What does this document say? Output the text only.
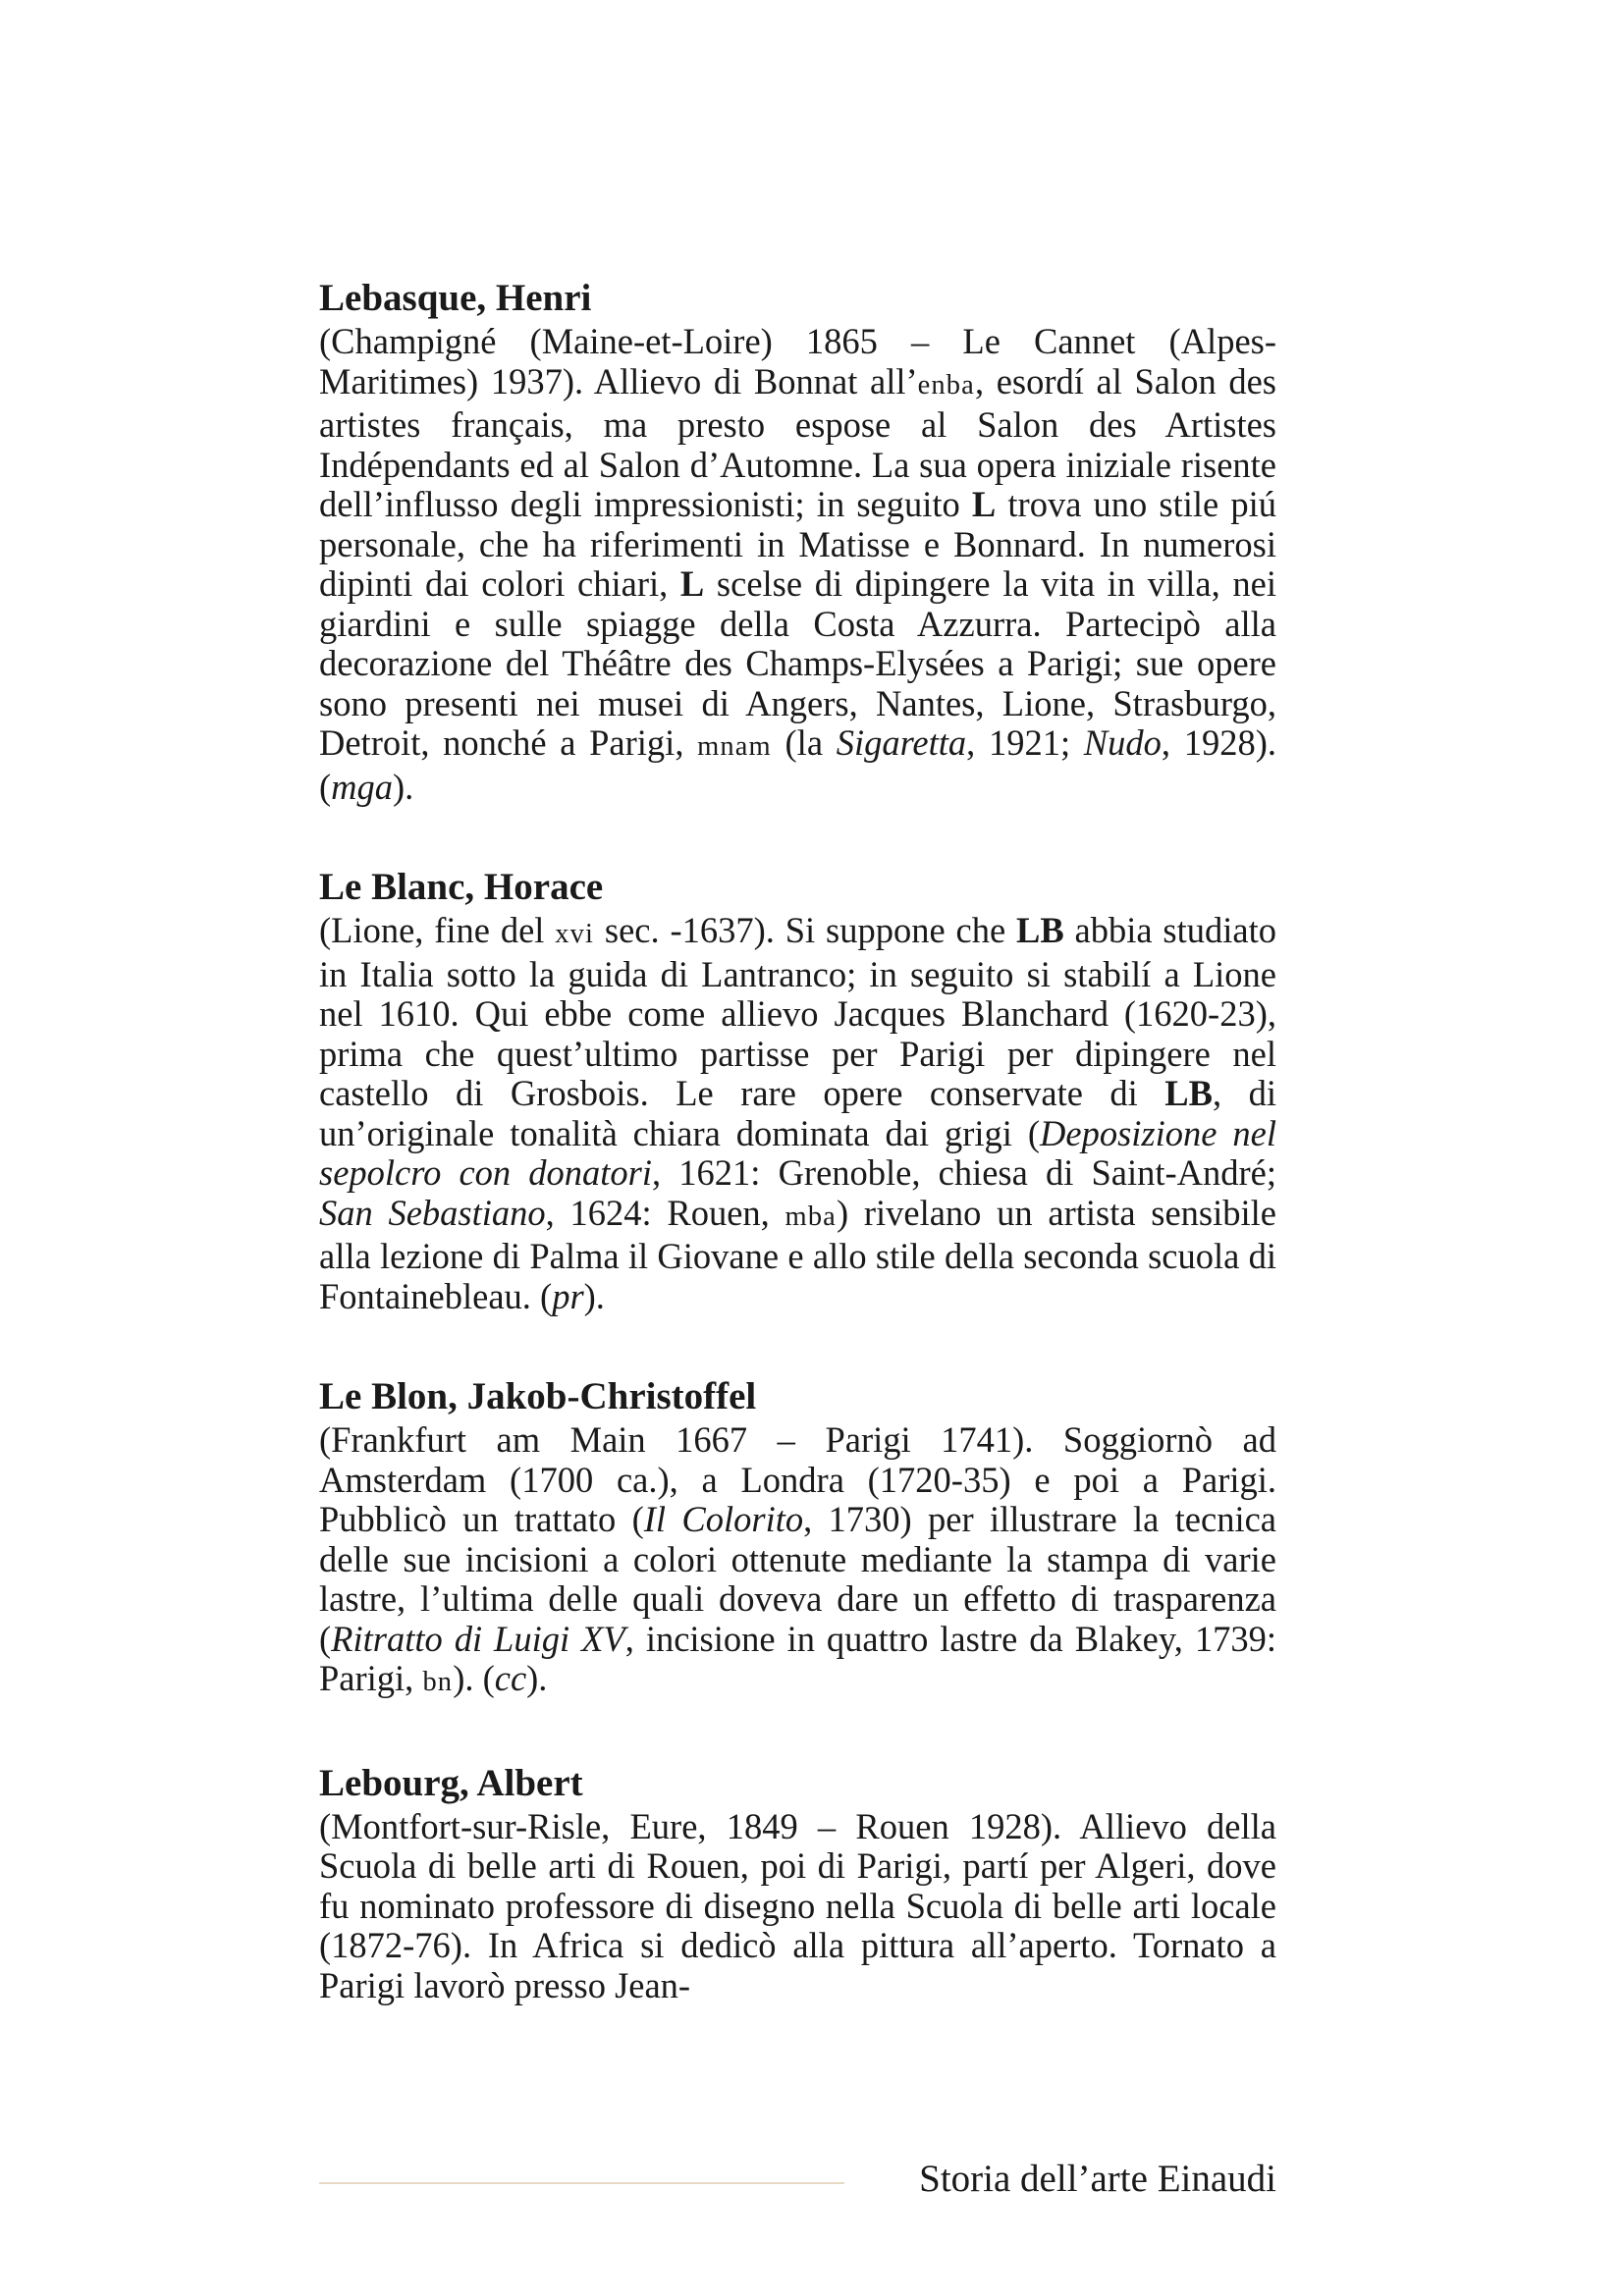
Lebasque, Henri

(Champigné (Maine-et-Loire) 1865 – Le Cannet (Alpes-Maritimes) 1937). Allievo di Bonnat all’enba, esordí al Salon des artistes français, ma presto espose al Salon des Artistes Indépendants ed al Salon d’Automne. La sua opera iniziale risente dell’influsso degli impressionisti; in seguito L trova uno stile piú personale, che ha riferimenti in Matisse e Bonnard. In numerosi dipinti dai colori chiari, L scelse di dipingere la vita in villa, nei giardini e sulle spiagge della Costa Azzurra. Partecipò alla decorazione del Théâtre des Champs-Elysées a Parigi; sue opere sono presenti nei musei di Angers, Nantes, Lione, Strasburgo, Detroit, nonché a Parigi, mnam (la Sigaretta, 1921; Nudo, 1928). (mga).

Le Blanc, Horace

(Lione, fine del xvi sec. -1637). Si suppone che LB abbia studiato in Italia sotto la guida di Lantranco; in seguito si stabilí a Lione nel 1610. Qui ebbe come allievo Jacques Blanchard (1620-23), prima che quest’ultimo partisse per Parigi per dipingere nel castello di Grosbois. Le rare opere conservate di LB, di un’originale tonalità chiara dominata dai grigi (Deposizione nel sepolcro con donatori, 1621: Grenoble, chiesa di Saint-André; San Sebastiano, 1624: Rouen, mba) rivelano un artista sensibile alla lezione di Palma il Giovane e allo stile della seconda scuola di Fontainebleau. (pr).

Le Blon, Jakob-Christoffel

(Frankfurt am Main 1667 – Parigi 1741). Soggiornò ad Amsterdam (1700 ca.), a Londra (1720-35) e poi a Parigi. Pubblicò un trattato (Il Colorito, 1730) per illustrare la tecnica delle sue incisioni a colori ottenute mediante la stampa di varie lastre, l’ultima delle quali doveva dare un effetto di trasparenza (Ritratto di Luigi XV, incisione in quattro lastre da Blakey, 1739: Parigi, bn). (cc).

Lebourg, Albert

(Montfort-sur-Risle, Eure, 1849 – Rouen 1928). Allievo della Scuola di belle arti di Rouen, poi di Parigi, partí per Algeri, dove fu nominato professore di disegno nella Scuola di belle arti locale (1872-76). In Africa si dedicò alla pittura all’aperto. Tornato a Parigi lavorò presso Jean-

Storia dell’arte Einaudi
